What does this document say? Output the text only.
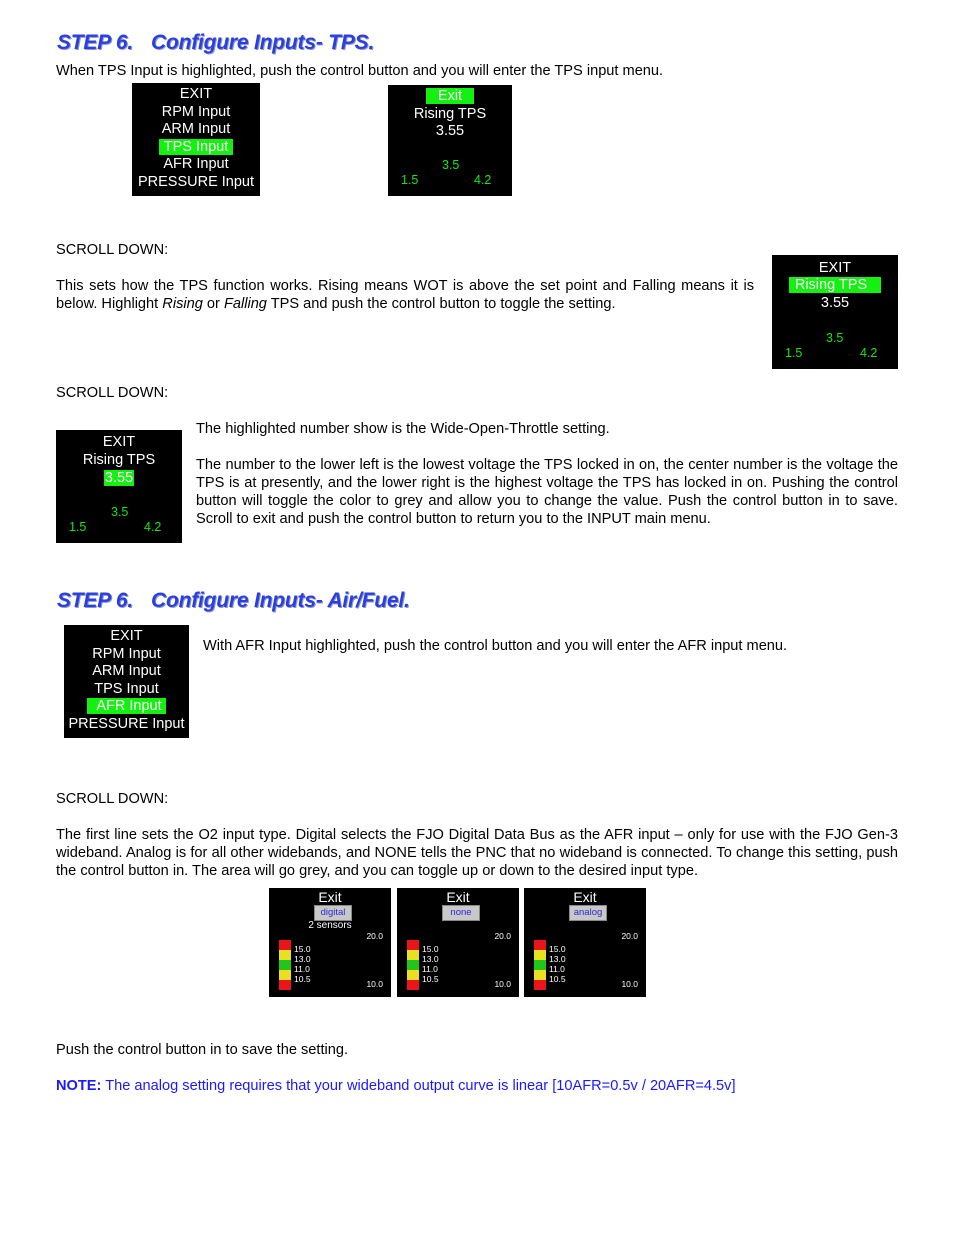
STEP 6. Configure Inputs- TPS.
When TPS Input is highlighted, push the control button and you will enter the TPS input menu.
EXIT
RPM Input
ARM Input
TPS Input
AFR Input
PRESSURE Input
Exit
Rising TPS
3.55
3.5
1.5	4.2
SCROLL DOWN:
This sets how the TPS function works. Rising means WOT is above the set point and Falling means it is below. Highlight Rising or Falling TPS and push the control button to toggle the setting.
EXIT
Rising TPS
3.55
3.5
1.5	4.2
SCROLL DOWN:
EXIT
Rising TPS
3.55
3.5
1.5	4.2
The highlighted number show is the Wide-Open-Throttle setting.
The number to the lower left is the lowest voltage the TPS locked in on, the center number is the voltage the TPS is at presently, and the lower right is the highest voltage the TPS has locked in on. Pushing the control button will toggle the color to grey and allow you to change the value. Push the control button in to save. Scroll to exit and push the control button to return you to the INPUT main menu.
STEP 6. Configure Inputs- Air/Fuel.
EXIT
RPM Input
ARM Input
TPS Input
AFR Input
PRESSURE Input
With AFR Input highlighted, push the control button and you will enter the AFR input menu.
SCROLL DOWN:
The first line sets the O2 input type. Digital selects the FJO Digital Data Bus as the AFR input – only for use with the FJO Gen-3 wideband. Analog is for all other widebands, and NONE tells the PNC that no wideband is connected. To change this setting, push the control button in. The area will go grey, and you can toggle up or down to the desired input type.
Exit
digital
2 sensors
20.0
15.0
13.0
11.0
10.5	10.0
Exit
none
20.0
15.0
13.0
11.0
10.5	10.0
Exit
analog
20.0
15.0
13.0
11.0
10.5	10.0
Push the control button in to save the setting.
NOTE: The analog setting requires that your wideband output curve is linear [10AFR=0.5v / 20AFR=4.5v]
